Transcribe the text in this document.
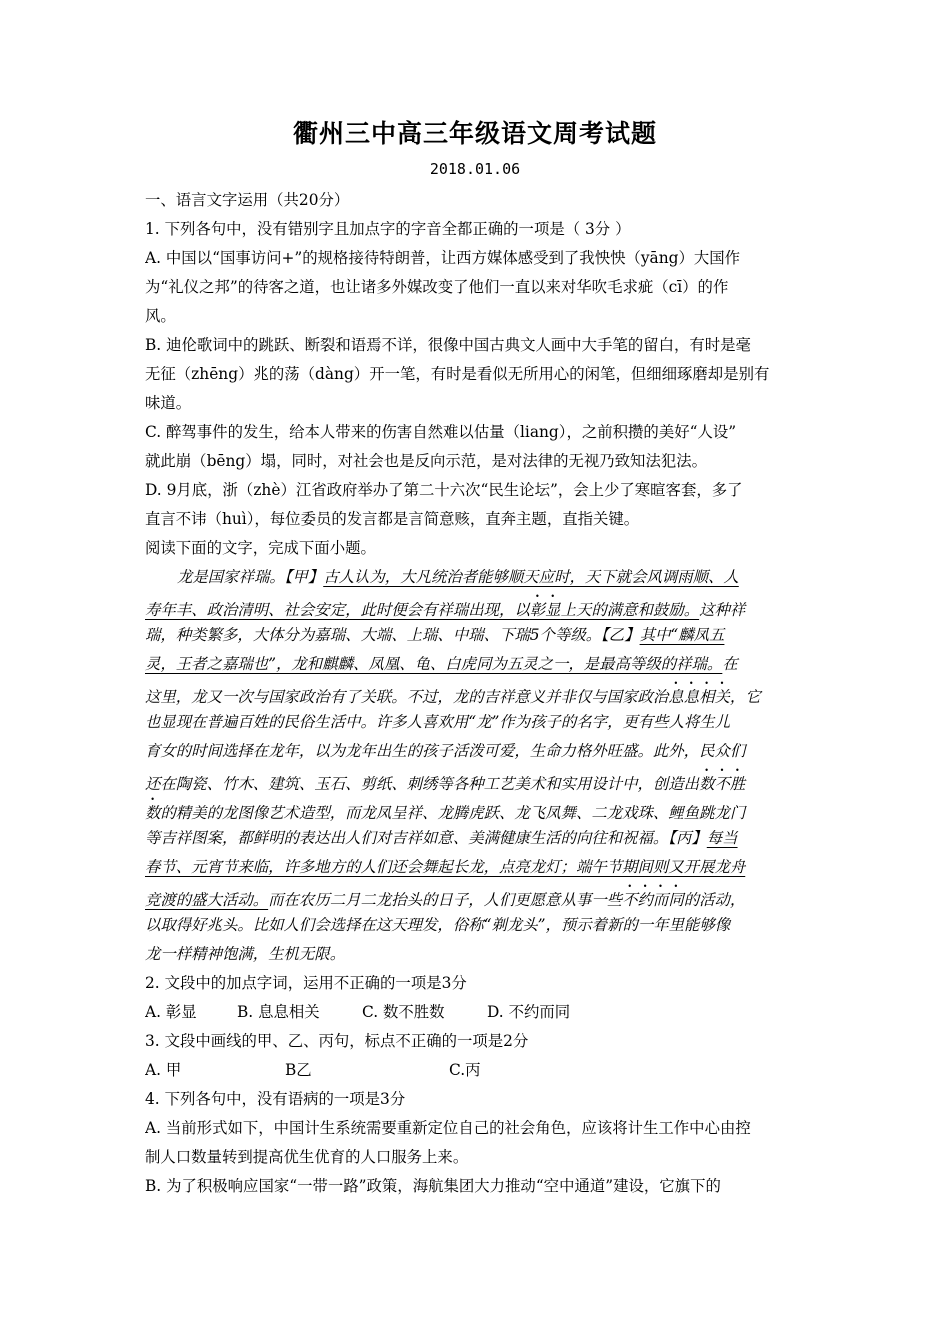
衢州三中高三年级语文周考试题
2018.01.06
一、语言文字运用（共20分）
1. 下列各句中，没有错别字且加点字的字音全都正确的一项是（ 3分 ）
A. 中国以“国事访问+”的规格接待特朗普，让西方媒体感受到了我怏怏（yāng）大国作
为“礼仪之邦”的待客之道，也让诸多外媒改变了他们一直以来对华吹毛求疵（cī）的作
风。
B. 迪伦歌词中的跳跃、断裂和语焉不详，很像中国古典文人画中大手笔的留白，有时是毫
无征（zhēng）兆的荡（dàng）开一笔，有时是看似无所用心的闲笔，但细细琢磨却是别有
味道。
C. 醉驾事件的发生，给本人带来的伤害自然难以估量（liang），之前积攒的美好“人设”
就此崩（bēng）塌，同时，对社会也是反向示范，是对法律的无视乃致知法犯法。
D. 9月底，浙（zhè）江省政府举办了第二十六次“民生论坛”，会上少了寒暄客套，多了
直言不讳（huì），每位委员的发言都是言简意赅，直奔主题，直指关键。
阅读下面的文字，完成下面小题。
龙是国家祥瑞。【甲】古人认为，大凡统治者能够顺天应时，天下就会风调雨顺、人
寿年丰、政治清明、社会安定，此时便会有祥瑞出现，以彰显上天的满意和鼓励。这种祥
瑞，种类繁多，大体分为嘉瑞、大端、上瑞、中瑞、下瑞5个等级。【乙】其中“麟凤五
灵，王者之嘉瑞也”，龙和麒麟、凤凰、龟、白虎同为五灵之一，是最高等级的祥瑞。在
这里，龙又一次与国家政治有了关联。不过，龙的吉祥意义并非仅与国家政治息息相关，它
也显现在普遍百姓的民俗生活中。许多人喜欢用“龙”作为孩子的名字，更有些人将生儿
育女的时间选择在龙年，以为龙年出生的孩子活泼可爱，生命力格外旺盛。此外，民众们
还在陶瓷、竹木、建筑、玉石、剪纸、刺绣等各种工艺美术和实用设计中，创造出数不胜
数的精美的龙图像艺术造型，而龙凤呈祥、龙腾虎跃、龙飞凤舞、二龙戏珠、鲤鱼跳龙门
等吉祥图案，都鲜明的表达出人们对吉祥如意、美满健康生活的向往和祝福。【丙】每当
春节、元宵节来临，许多地方的人们还会舞起长龙，点亮龙灯；端午节期间则又开展龙舟
竞渡的盛大活动。而在农历二月二龙抬头的日子，人们更愿意从事一些不约而同的活动，
以取得好兆头。比如人们会选择在这天理发，俗称“剃龙头”，预示着新的一年里能够像
龙一样精神饱满，生机无限。
2. 文段中的加点字词，运用不正确的一项是3分
A. 彰显	B. 息息相关	C. 数不胜数	D. 不约而同
3. 文段中画线的甲、乙、丙句，标点不正确的一项是2分
A. 甲	B乙	C.丙
4. 下列各句中，没有语病的一项是3分
A. 当前形式如下，中国计生系统需要重新定位自己的社会角色，应该将计生工作中心由控
制人口数量转到提高优生优育的人口服务上来。
B. 为了积极响应国家“一带一路”政策，海航集团大力推动“空中通道”建设，它旗下的
